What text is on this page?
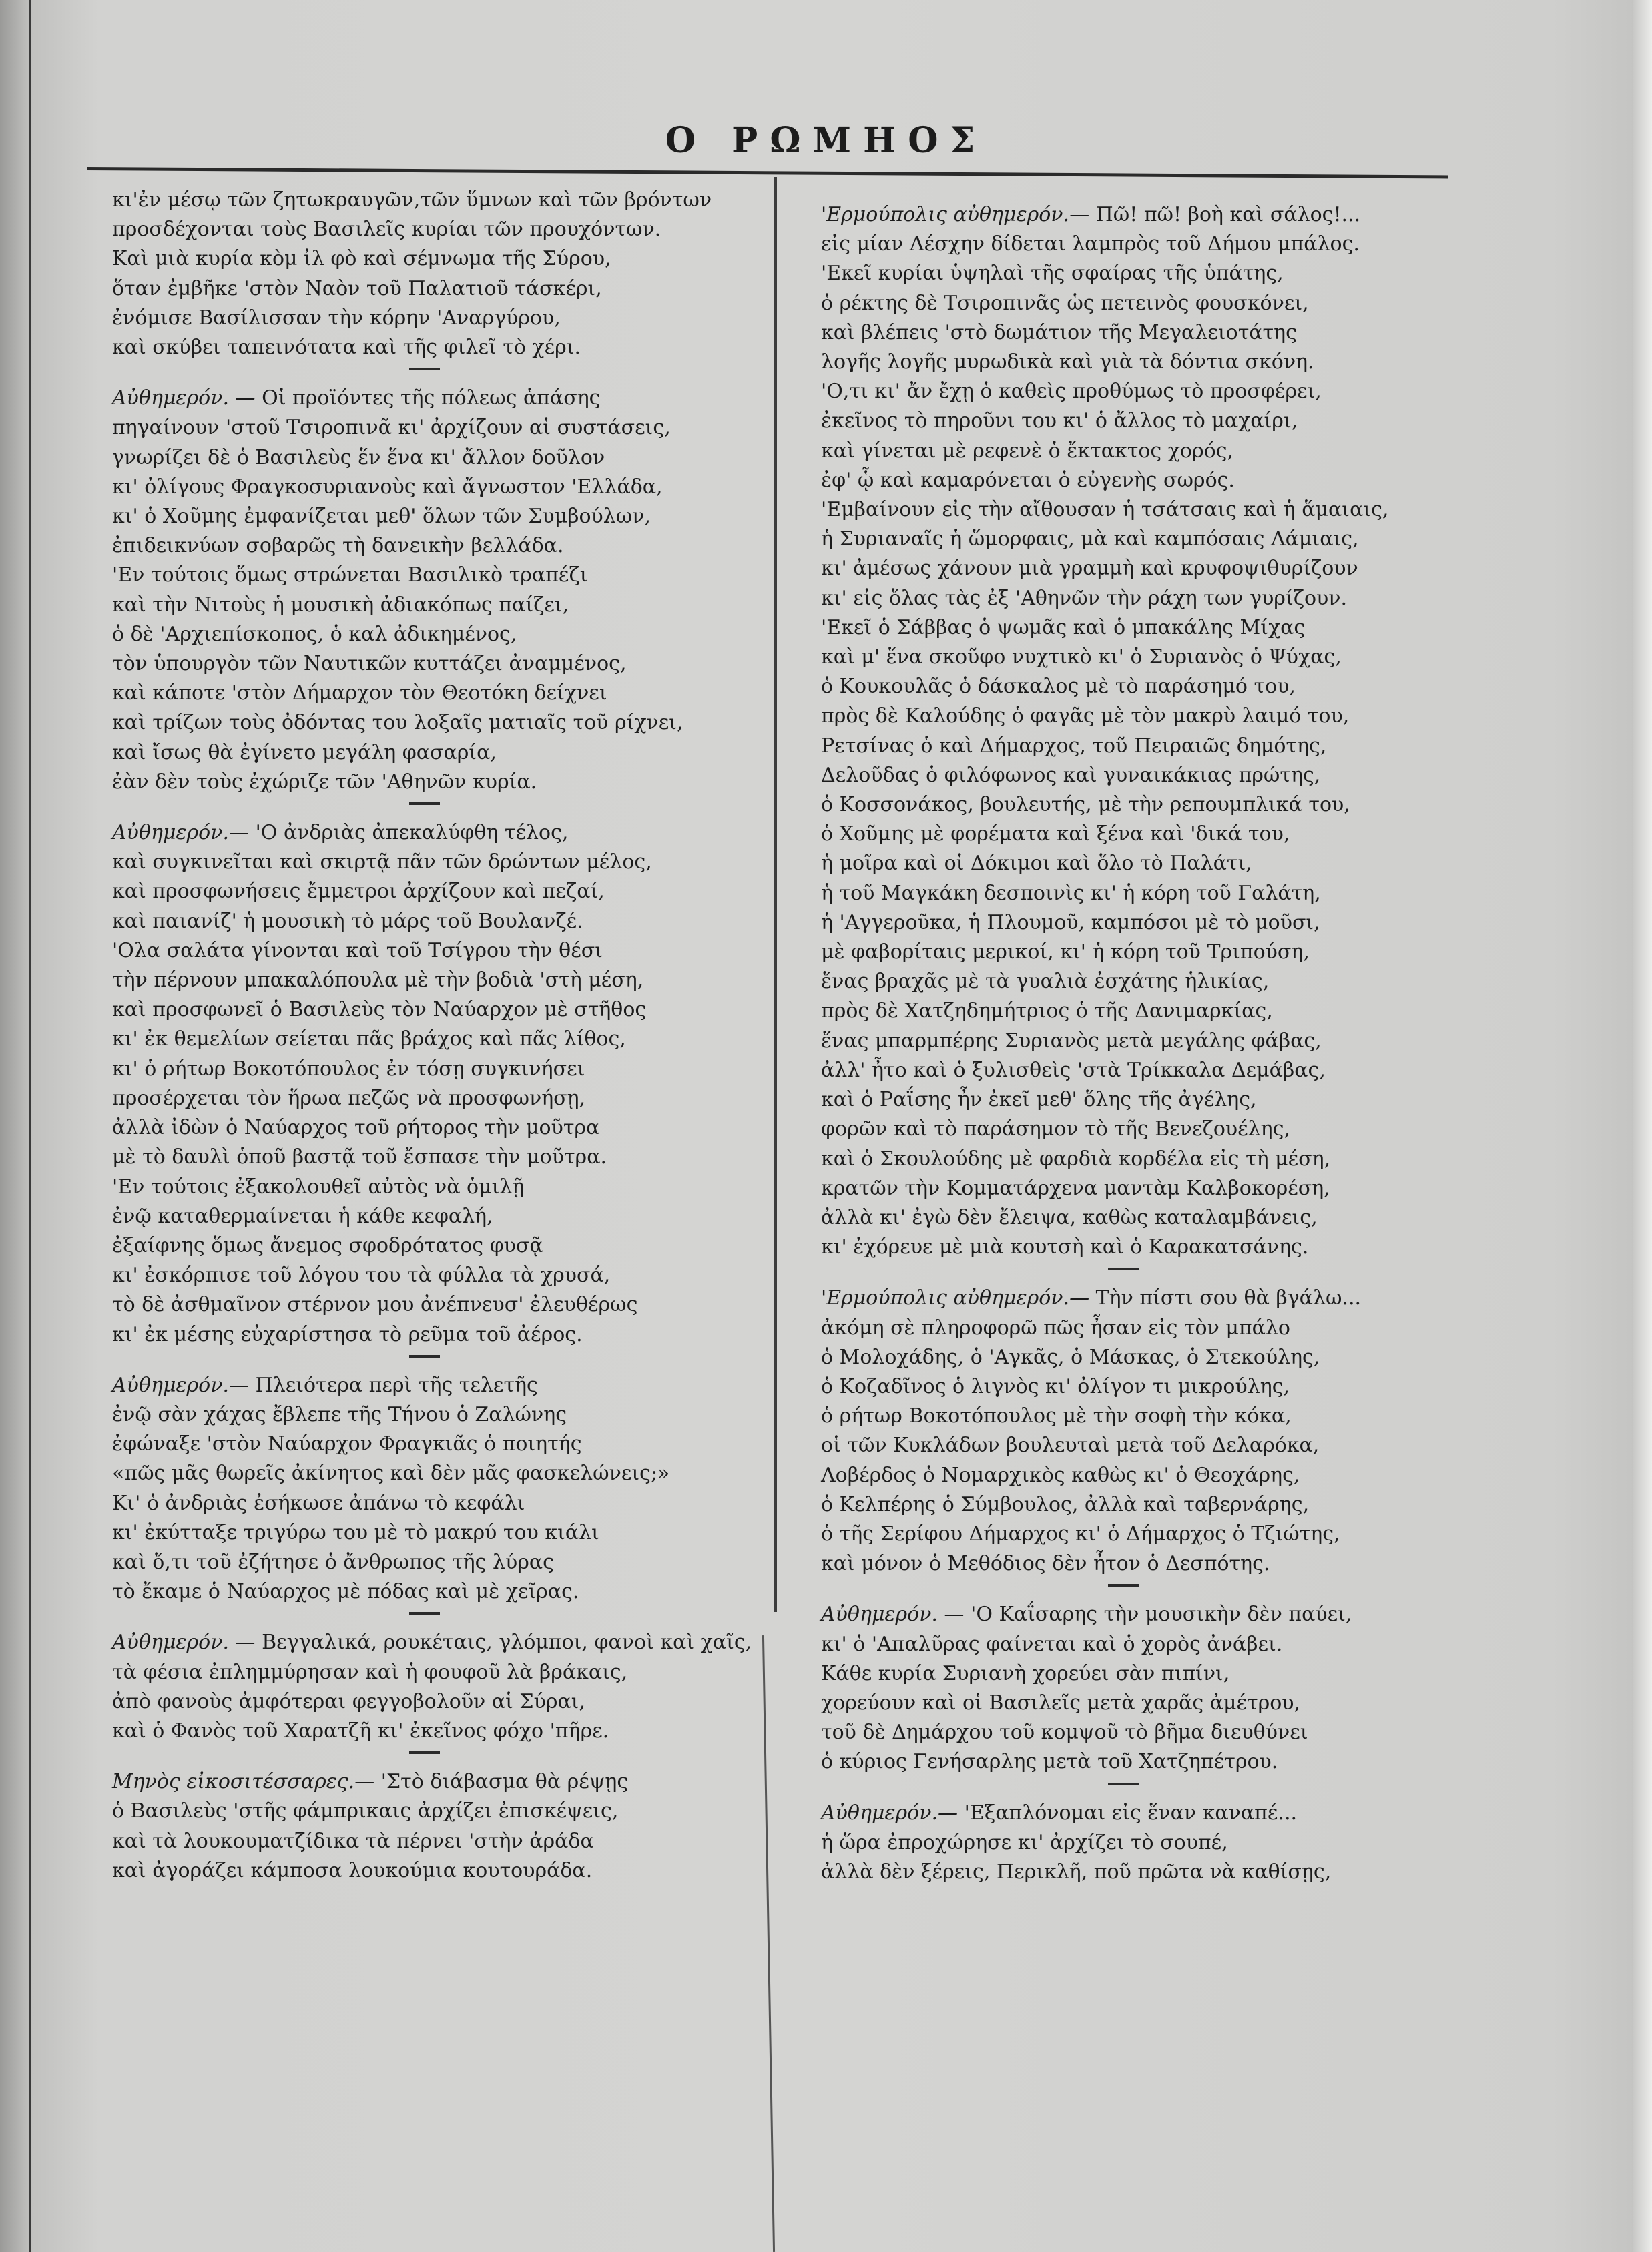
Ο ΡΩΜΗΟΣ
κι'ἐν μέσῳ τῶν ζητωκραυγῶν,τῶν ὕμνων καὶ τῶν βρόντων
προσδέχονται τοὺς Βασιλεῖς κυρίαι τῶν προυχόντων.
Καὶ μιὰ κυρία κὸμ ἰλ φὸ καὶ σέμνωμα τῆς Σύρου,
ὅταν ἐμβῆκε 'στὸν Ναὸν τοῦ Παλατιοῦ τάσκέρι,
ἐνόμισε Βασίλισσαν τὴν κόρην 'Αναργύρου,
καὶ σκύβει ταπεινότατα καὶ τῆς φιλεῖ τὸ χέρι.
Αὐθημερόν. — Οἱ προϊόντες τῆς πόλεως ἁπάσης
πηγαίνουν 'στοῦ Τσιροπινᾶ κι' ἀρχίζουν αἱ συστάσεις,
γνωρίζει δὲ ὁ Βασιλεὺς ἕν ἕνα κι' ἄλλον δοῦλον
κι' ὀλίγους Φραγκοσυριανοὺς καὶ ἄγνωστον 'Ελλάδα,
κι' ὁ Χοῦμης ἐμφανίζεται μεθ' ὅλων τῶν Συμβούλων,
ἐπιδεικνύων σοβαρῶς τὴ δανεικὴν βελλάδα.
'Εν τούτοις ὅμως στρώνεται Βασιλικὸ τραπέζι
καὶ τὴν Νιτοὺς ἡ μουσικὴ ἀδιακόπως παίζει,
ὁ δὲ 'Αρχιεπίσκοπος, ὁ καλ ἀδικημένος,
τὸν ὑπουργὸν τῶν Ναυτικῶν κυττάζει ἀναμμένος,
καὶ κάποτε 'στὸν Δήμαρχον τὸν Θεοτόκη δείχνει
καὶ τρίζων τοὺς ὀδόντας του λοξαῖς ματιαῖς τοῦ ρίχνει,
καὶ ἴσως θὰ ἐγίνετο μεγάλη φασαρία,
ἐὰν δὲν τοὺς ἐχώριζε τῶν 'Αθηνῶν κυρία.
Αὐθημερόν.— 'Ο ἀνδριὰς ἀπεκαλύφθη τέλος,
καὶ συγκινεῖται καὶ σκιρτᾷ πᾶν τῶν δρώντων μέλος,
καὶ προσφωνήσεις ἔμμετροι ἀρχίζουν καὶ πεζαί,
καὶ παιανίζ' ἡ μουσικὴ τὸ μάρς τοῦ Βουλανζέ.
'Ολα σαλάτα γίνονται καὶ τοῦ Τσίγρου τὴν θέσι
τὴν πέρνουν μπακαλόπουλα μὲ τὴν βοδιὰ 'στὴ μέση,
καὶ προσφωνεῖ ὁ Βασιλεὺς τὸν Ναύαρχον μὲ στῆθος
κι' ἐκ θεμελίων σείεται πᾶς βράχος καὶ πᾶς λίθος,
κι' ὁ ρήτωρ Βοκοτόπουλος ἐν τόσῃ συγκινήσει
προσέρχεται τὸν ἥρωα πεζῶς νὰ προσφωνήσῃ,
ἀλλὰ ἰδὼν ὁ Ναύαρχος τοῦ ρήτορος τὴν μοῦτρα
μὲ τὸ δαυλὶ ὁποῦ βαστᾷ τοῦ ἔσπασε τὴν μοῦτρα.
'Εν τούτοις ἐξακολουθεῖ αὐτὸς νὰ ὁμιλῇ
ἐνῷ καταθερμαίνεται ἡ κάθε κεφαλή,
ἐξαίφνης ὅμως ἄνεμος σφοδρότατος φυσᾷ
κι' ἐσκόρπισε τοῦ λόγου του τὰ φύλλα τὰ χρυσά,
τὸ δὲ ἀσθμαῖνον στέρνον μου ἀνέπνευσ' ἐλευθέρως
κι' ἐκ μέσης εὐχαρίστησα τὸ ρεῦμα τοῦ ἀέρος.
Αὐθημερόν.— Πλειότερα περὶ τῆς τελετῆς
ἐνῷ σὰν χάχας ἔβλεπε τῆς Τήνου ὁ Ζαλώνης
ἐφώναξε 'στὸν Ναύαρχον Φραγκιᾶς ὁ ποιητής
«πῶς μᾶς θωρεῖς ἀκίνητος καὶ δὲν μᾶς φασκελώνεις;»
Κι' ὁ ἀνδριὰς ἐσήκωσε ἀπάνω τὸ κεφάλι
κι' ἐκύτταξε τριγύρω του μὲ τὸ μακρύ του κιάλι
καὶ ὅ,τι τοῦ ἐζήτησε ὁ ἄνθρωπος τῆς λύρας
τὸ ἔκαμε ὁ Ναύαρχος μὲ πόδας καὶ μὲ χεῖρας.
Αὐθημερόν. — Βεγγαλικά, ρουκέταις, γλόμποι, φανοὶ καὶ χαῖς,
τὰ φέσια ἐπλημμύρησαν καὶ ἡ φουφοῦ λὰ βράκαις,
ἀπὸ φανοὺς ἀμφότεραι φεγγοβολοῦν αἱ Σύραι,
καὶ ὁ Φανὸς τοῦ Χαρατζῆ κι' ἐκεῖνος φόχο 'πῆρε.
Μηνὸς εἰκοσιτέσσαρες.— 'Στὸ διάβασμα θὰ ρέψῃς
ὁ Βασιλεὺς 'στῆς φάμπρικαις ἀρχίζει ἐπισκέψεις,
καὶ τὰ λουκουματζίδικα τὰ πέρνει 'στὴν ἀράδα
καὶ ἀγοράζει κάμποσα λουκούμια κουτουράδα.
'Ερμούπολις αὐθημερόν.— Πῶ! πῶ! βοὴ καὶ σάλος!...
εἰς μίαν Λέσχην δίδεται λαμπρὸς τοῦ Δήμου μπάλος.
'Εκεῖ κυρίαι ὑψηλαὶ τῆς σφαίρας τῆς ὑπάτης,
ὁ ρέκτης δὲ Τσιροπινᾶς ὡς πετεινὸς φουσκόνει,
καὶ βλέπεις 'στὸ δωμάτιον τῆς Μεγαλειοτάτης
λογῆς λογῆς μυρωδικὰ καὶ γιὰ τὰ δόντια σκόνη.
'Ο,τι κι' ἄν ἔχῃ ὁ καθεὶς προθύμως τὸ προσφέρει,
ἐκεῖνος τὸ πηροῦνι του κι' ὁ ἄλλος τὸ μαχαίρι,
καὶ γίνεται μὲ ρεφενὲ ὁ ἔκτακτος χορός,
ἐφ' ᾧ καὶ καμαρόνεται ὁ εὐγενὴς σωρός.
'Εμβαίνουν εἰς τὴν αἴθουσαν ἡ τσάτσαις καὶ ἡ ἅμαιαις,
ἡ Συριαναῖς ἡ ὥμορφαις, μὰ καὶ καμπόσαις Λάμιαις,
κι' ἀμέσως χάνουν μιὰ γραμμὴ καὶ κρυφοψιθυρίζουν
κι' εἰς ὅλας τὰς ἐξ 'Αθηνῶν τὴν ράχη των γυρίζουν.
'Εκεῖ ὁ Σάββας ὁ ψωμᾶς καὶ ὁ μπακάλης Μίχας
καὶ μ' ἕνα σκοῦφο νυχτικὸ κι' ὁ Συριανὸς ὁ Ψύχας,
ὁ Κουκουλᾶς ὁ δάσκαλος μὲ τὸ παράσημό του,
πρὸς δὲ Καλούδης ὁ φαγᾶς μὲ τὸν μακρὺ λαιμό του,
Ρετσίνας ὁ καὶ Δήμαρχος, τοῦ Πειραιῶς δημότης,
Δελοῦδας ὁ φιλόφωνος καὶ γυναικάκιας πρώτης,
ὁ Κοσσονάκος, βουλευτής, μὲ τὴν ρεπουμπλικά του,
ὁ Χοῦμης μὲ φορέματα καὶ ξένα καὶ 'δικά του,
ἡ μοῖρα καὶ οἱ Δόκιμοι καὶ ὅλο τὸ Παλάτι,
ἡ τοῦ Μαγκάκη δεσποινὶς κι' ἡ κόρη τοῦ Γαλάτη,
ἡ 'Αγγεροῦκα, ἡ Πλουμοῦ, καμπόσοι μὲ τὸ μοῦσι,
μὲ φαβορίταις μερικοί, κι' ἡ κόρη τοῦ Τριπούση,
ἕνας βραχᾶς μὲ τὰ γυαλιὰ ἐσχάτης ἡλικίας,
πρὸς δὲ Χατζηδημήτριος ὁ τῆς Δανιμαρκίας,
ἕνας μπαρμπέρης Συριανὸς μετὰ μεγάλης φάβας,
ἀλλ' ἦτο καὶ ὁ ξυλισθεὶς 'στὰ Τρίκκαλα Δεμάβας,
καὶ ὁ Ραΐσης ἦν ἐκεῖ μεθ' ὅλης τῆς ἀγέλης,
φορῶν καὶ τὸ παράσημον τὸ τῆς Βενεζουέλης,
καὶ ὁ Σκουλούδης μὲ φαρδιὰ κορδέλα εἰς τὴ μέση,
κρατῶν τὴν Κομματάρχενα μαντὰμ Καλβοκορέση,
ἀλλὰ κι' ἐγὼ δὲν ἔλειψα, καθὼς καταλαμβάνεις,
κι' ἐχόρευε μὲ μιὰ κουτσὴ καὶ ὁ Καρακατσάνης.
'Ερμούπολις αὐθημερόν.— Τὴν πίστι σου θὰ βγάλω...
ἀκόμη σὲ πληροφορῶ πῶς ἦσαν εἰς τὸν μπάλο
ὁ Μολοχάδης, ὁ 'Αγκᾶς, ὁ Μάσκας, ὁ Στεκούλης,
ὁ Κοζαδῖνος ὁ λιγνὸς κι' ὀλίγον τι μικρούλης,
ὁ ρήτωρ Βοκοτόπουλος μὲ τὴν σοφὴ τὴν κόκα,
οἱ τῶν Κυκλάδων βουλευταὶ μετὰ τοῦ Δελαρόκα,
Λοβέρδος ὁ Νομαρχικὸς καθὼς κι' ὁ Θεοχάρης,
ὁ Κελπέρης ὁ Σύμβουλος, ἀλλὰ καὶ ταβερνάρης,
ὁ τῆς Σερίφου Δήμαρχος κι' ὁ Δήμαρχος ὁ Τζιώτης,
καὶ μόνον ὁ Μεθόδιος δὲν ἦτον ὁ Δεσπότης.
Αὐθημερόν. — 'Ο Καΐσαρης τὴν μουσικὴν δὲν παύει,
κι' ὁ 'Απαλῦρας φαίνεται καὶ ὁ χορὸς ἀνάβει.
Κάθε κυρία Συριανὴ χορεύει σὰν πιπίνι,
χορεύουν καὶ οἱ Βασιλεῖς μετὰ χαρᾶς ἀμέτρου,
τοῦ δὲ Δημάρχου τοῦ κομψοῦ τὸ βῆμα διευθύνει
ὁ κύριος Γενήσαρλης μετὰ τοῦ Χατζηπέτρου.
Αὐθημερόν.— 'Εξαπλόνομαι εἰς ἕναν καναπέ...
ἡ ὥρα ἐπροχώρησε κι' ἀρχίζει τὸ σουπέ,
ἀλλὰ δὲν ξέρεις, Περικλῆ, ποῦ πρῶτα νὰ καθίσῃς,
